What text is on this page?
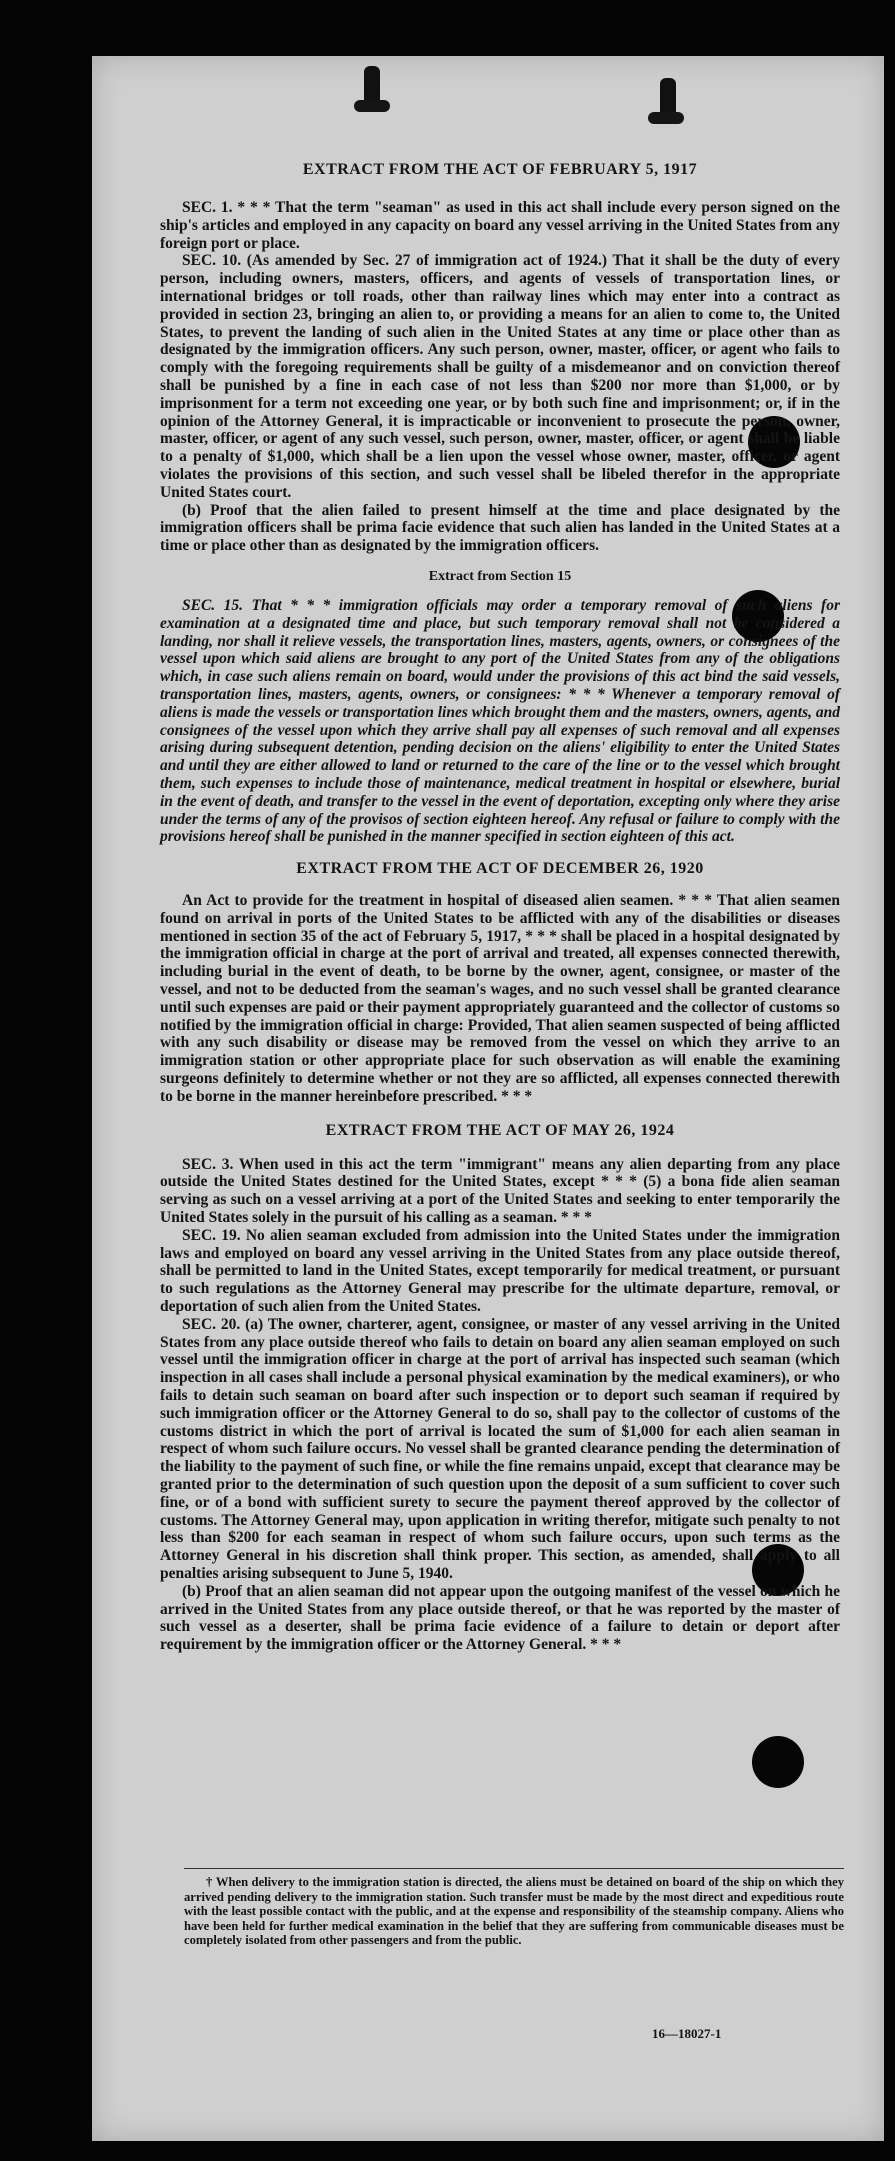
EXTRACT FROM THE ACT OF FEBRUARY 5, 1917

SEC. 1. * * * That the term "seaman" as used in this act shall include every person signed on the ship's articles and employed in any capacity on board any vessel arriving in the United States from any foreign port or place.

SEC. 10. (As amended by Sec. 27 of immigration act of 1924.) That it shall be the duty of every person, including owners, masters, officers, and agents of vessels of transportation lines, or international bridges or toll roads, other than railway lines which may enter into a contract as provided in section 23, bringing an alien to, or providing a means for an alien to come to, the United States, to prevent the landing of such alien in the United States at any time or place other than as designated by the immigration officers. Any such person, owner, master, officer, or agent who fails to comply with the foregoing requirements shall be guilty of a misdemeanor and on conviction thereof shall be punished by a fine in each case of not less than $200 nor more than $1,000, or by imprisonment for a term not exceeding one year, or by both such fine and imprisonment; or, if in the opinion of the Attorney General, it is impracticable or inconvenient to prosecute the person, owner, master, officer, or agent of any such vessel, such person, owner, master, officer, or agent shall be liable to a penalty of $1,000, which shall be a lien upon the vessel whose owner, master, officer, or agent violates the provisions of this section, and such vessel shall be libeled therefor in the appropriate United States court.

(b) Proof that the alien failed to present himself at the time and place designated by the immigration officers shall be prima facie evidence that such alien has landed in the United States at a time or place other than as designated by the immigration officers.

Extract from Section 15

SEC. 15. That * * * immigration officials may order a temporary removal of such aliens for examination at a designated time and place, but such temporary removal shall not be considered a landing, nor shall it relieve vessels, the transportation lines, masters, agents, owners, or consignees of the vessel upon which said aliens are brought to any port of the United States from any of the obligations which, in case such aliens remain on board, would under the provisions of this act bind the said vessels, transportation lines, masters, agents, owners, or consignees: * * * Whenever a temporary removal of aliens is made the vessels or transportation lines which brought them and the masters, owners, agents, and consignees of the vessel upon which they arrive shall pay all expenses of such removal and all expenses arising during subsequent detention, pending decision on the aliens' eligibility to enter the United States and until they are either allowed to land or returned to the care of the line or to the vessel which brought them, such expenses to include those of maintenance, medical treatment in hospital or elsewhere, burial in the event of death, and transfer to the vessel in the event of deportation, excepting only where they arise under the terms of any of the provisos of section eighteen hereof. Any refusal or failure to comply with the provisions hereof shall be punished in the manner specified in section eighteen of this act.

EXTRACT FROM THE ACT OF DECEMBER 26, 1920

An Act to provide for the treatment in hospital of diseased alien seamen. * * * That alien seamen found on arrival in ports of the United States to be afflicted with any of the disabilities or diseases mentioned in section 35 of the act of February 5, 1917, * * * shall be placed in a hospital designated by the immigration official in charge at the port of arrival and treated, all expenses connected therewith, including burial in the event of death, to be borne by the owner, agent, consignee, or master of the vessel, and not to be deducted from the seaman's wages, and no such vessel shall be granted clearance until such expenses are paid or their payment appropriately guaranteed and the collector of customs so notified by the immigration official in charge: Provided, That alien seamen suspected of being afflicted with any such disability or disease may be removed from the vessel on which they arrive to an immigration station or other appropriate place for such observation as will enable the examining surgeons definitely to determine whether or not they are so afflicted, all expenses connected therewith to be borne in the manner hereinbefore prescribed. * * *

EXTRACT FROM THE ACT OF MAY 26, 1924

SEC. 3. When used in this act the term "immigrant" means any alien departing from any place outside the United States destined for the United States, except * * * (5) a bona fide alien seaman serving as such on a vessel arriving at a port of the United States and seeking to enter temporarily the United States solely in the pursuit of his calling as a seaman. * * *

SEC. 19. No alien seaman excluded from admission into the United States under the immigration laws and employed on board any vessel arriving in the United States from any place outside thereof, shall be permitted to land in the United States, except temporarily for medical treatment, or pursuant to such regulations as the Attorney General may prescribe for the ultimate departure, removal, or deportation of such alien from the United States.

SEC. 20. (a) The owner, charterer, agent, consignee, or master of any vessel arriving in the United States from any place outside thereof who fails to detain on board any alien seaman employed on such vessel until the immigration officer in charge at the port of arrival has inspected such seaman (which inspection in all cases shall include a personal physical examination by the medical examiners), or who fails to detain such seaman on board after such inspection or to deport such seaman if required by such immigration officer or the Attorney General to do so, shall pay to the collector of customs of the customs district in which the port of arrival is located the sum of $1,000 for each alien seaman in respect of whom such failure occurs. No vessel shall be granted clearance pending the determination of the liability to the payment of such fine, or while the fine remains unpaid, except that clearance may be granted prior to the determination of such question upon the deposit of a sum sufficient to cover such fine, or of a bond with sufficient surety to secure the payment thereof approved by the collector of customs. The Attorney General may, upon application in writing therefor, mitigate such penalty to not less than $200 for each seaman in respect of whom such failure occurs, upon such terms as the Attorney General in his discretion shall think proper. This section, as amended, shall apply to all penalties arising subsequent to June 5, 1940.

(b) Proof that an alien seaman did not appear upon the outgoing manifest of the vessel on which he arrived in the United States from any place outside thereof, or that he was reported by the master of such vessel as a deserter, shall be prima facie evidence of a failure to detain or deport after requirement by the immigration officer or the Attorney General. * * *

† When delivery to the immigration station is directed, the aliens must be detained on board of the ship on which they arrived pending delivery to the immigration station. Such transfer must be made by the most direct and expeditious route with the least possible contact with the public, and at the expense and responsibility of the steamship company. Aliens who have been held for further medical examination in the belief that they are suffering from communicable diseases must be completely isolated from other passengers and from the public.

16—18027-1
